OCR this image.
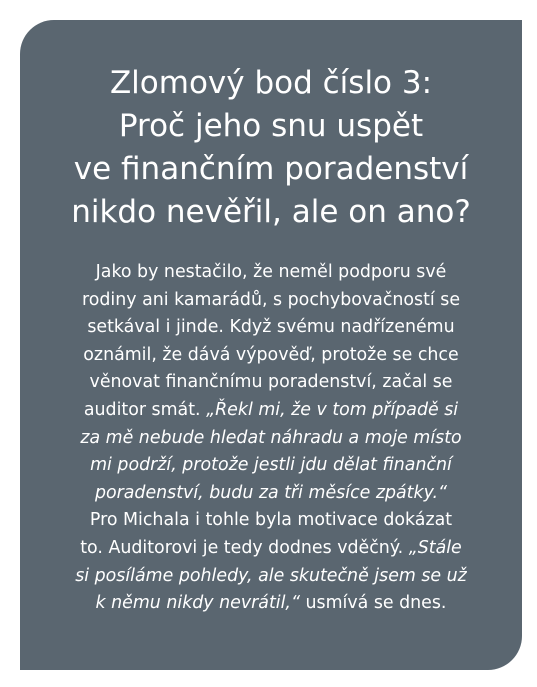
Zlomový bod číslo 3:
Proč jeho snu uspět
ve finančním poradenství
nikdo nevěřil, ale on ano?

Jako by nestačilo, že neměl podporu své
rodiny ani kamarádů, s pochybovačností se
setkával i jinde. Když svému nadřízenému
oznámil, že dává výpověď, protože se chce
věnovat finančnímu poradenství, začal se
auditor smát. „Řekl mi, že v tom případě si
za mě nebude hledat náhradu a moje místo
mi podrží, protože jestli jdu dělat finanční
poradenství, budu za tři měsíce zpátky.“
Pro Michala i tohle byla motivace dokázat
to. Auditorovi je tedy dodnes vděčný. „Stále
si posíláme pohledy, ale skutečně jsem se už
k němu nikdy nevrátil,“ usmívá se dnes.
